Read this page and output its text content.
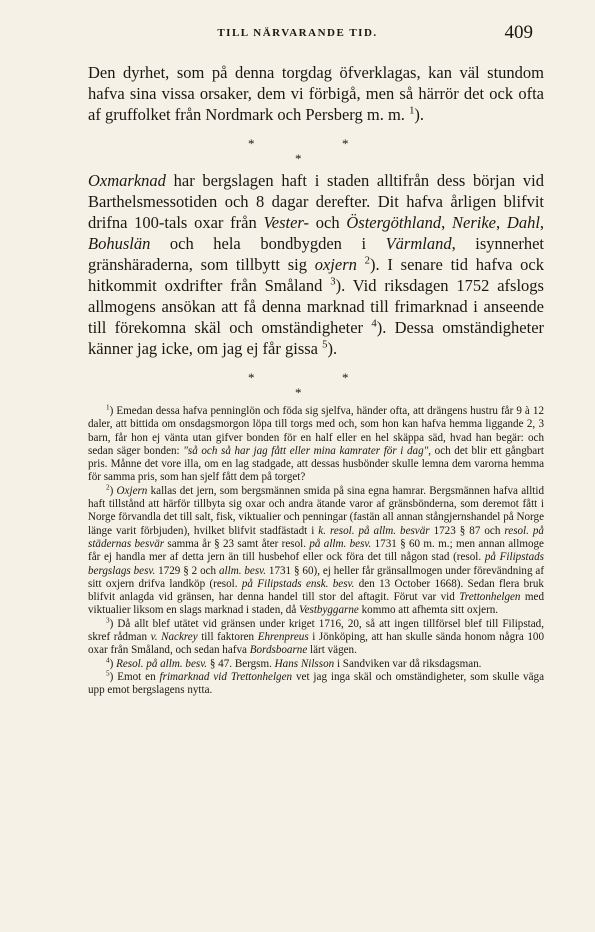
TILL NÄRVARANDE TID.	409

Den dyrhet, som på denna torgdag öfverklagas, kan väl stundom hafva sina vissa orsaker, dem vi förbigå, men så härrör det ock ofta af gruffolket från Nordmark och Persberg m. m. $^1$).

*	*
*

Oxmarknad har bergslagen haft i staden alltifrån dess början vid Barthelsmessotiden och 8 dagar derefter. Dit hafva årligen blifvit drifna 100-tals oxar från Vester- och Östergöthland, Nerike, Dahl, Bohuslän och hela bondbygden i Värmland, isynnerhet gränshäraderna, som tillbytt sig oxjern $^2$). I senare tid hafva ock hitkommit oxdrifter från Småland $^3$). Vid riksdagen 1752 afslogs allmogens ansökan att få denna marknad till frimarknad i anseende till förekomna skäl och omständigheter $^4$). Dessa omständigheter känner jag icke, om jag ej får gissa $^5$).

*	*
*

$^1$) Emedan dessa hafva penninglön och föda sig sjelfva, händer ofta, att drängens hustru får 9 à 12 daler, att bittida om onsdagsmorgon löpa till torgs med och, som hon kan hafva hemma liggande 2, 3 barn, får hon ej vänta utan gifver bonden för en half eller en hel skäppa säd, hvad han begär: och sedan säger bonden: "så och så har jag fått eller mina kamrater för i dag", och det blir ett gångbart pris. Månne det vore illa, om en lag stadgade, att dessas husbönder skulle lemna dem varorna hemma för samma pris, som han sjelf fått dem på torget?

$^2$) Oxjern kallas det jern, som bergsmännen smida på sina egna hamrar. Bergsmännen hafva alltid haft tillstånd att härför tillbyta sig oxar och andra ätande varor af gränsbönderna, som deremot fått i Norge förvandla det till salt, fisk, viktualier och penningar (fastän all annan stångjernshandel på Norge länge varit förbjuden), hvilket blifvit stadfästadt i k. resol. på allm. besvär 1723 § 87 och resol. på städernas besvär samma år § 23 samt åter resol. på allm. besv. 1731 § 60 m. m.; men annan allmoge får ej handla mer af detta jern än till husbehof eller ock föra det till någon stad (resol. på Filipstads bergslags besv. 1729 § 2 och allm. besv. 1731 § 60), ej heller får gränsallmogen under förevändning af sitt oxjern drifva landköp (resol. på Filipstads ensk. besv. den 13 October 1668). Sedan flera bruk blifvit anlagda vid gränsen, har denna handel till stor del aftagit. Förut var vid Trettonhelgen med viktualier liksom en slags marknad i staden, då Vestbyggarne kommo att afhemta sitt oxjern.

$^3$) Då allt blef utätet vid gränsen under kriget 1716, 20, så att ingen tillförsel blef till Filipstad, skref rådman v. Nackrey till faktoren Ehrenpreus i Jönköping, att han skulle sända honom några 100 oxar från Småland, och sedan hafva Bordsboarne lärt vägen.

$^4$) Resol. på allm. besv. § 47. Bergsm. Hans Nilsson i Sandviken var då riksdagsman.

$^5$) Emot en frimarknad vid Trettonhelgen vet jag inga skäl och omständigheter, som skulle väga upp emot bergslagens nytta.
